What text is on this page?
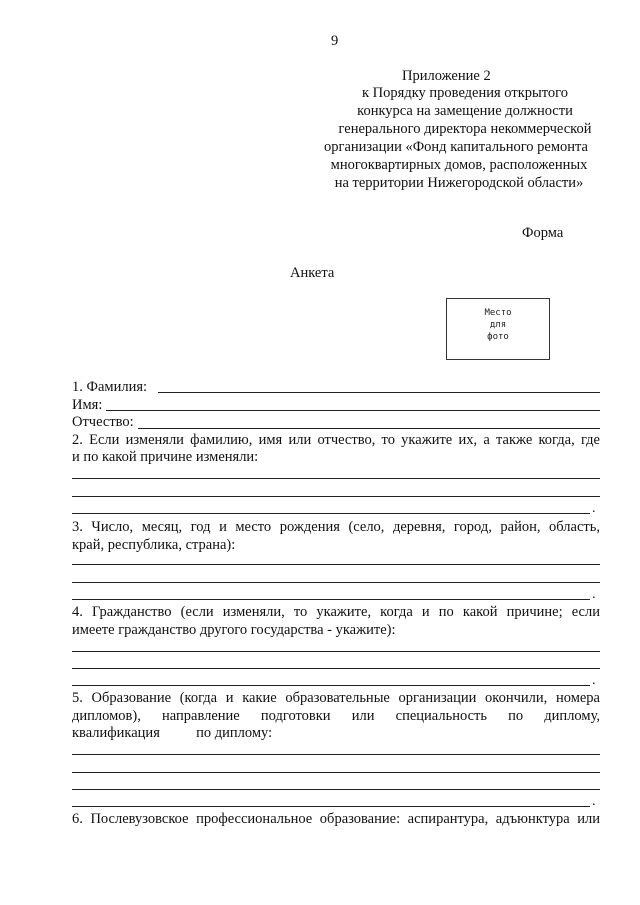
9
Приложение 2
к Порядку проведения открытого
конкурса на замещение должности
генерального директора некоммерческой
организации «Фонд капитального ремонта
многоквартирных домов, расположенных
на территории Нижегородской области»
Форма
Анкета
Место
для
фото
1. Фамилия:
Имя:
Отчество:
2. Если изменяли фамилию, имя или отчество, то укажите их, а также когда, где
и по какой причине изменяли:
.
3. Число, месяц, год и место рождения (село, деревня, город, район, область,
край, республика, страна):
.
4. Гражданство (если изменяли, то укажите, когда и по какой причине; если
имеете гражданство другого государства - укажите):
.
5. Образование (когда и какие образовательные организации окончили, номера
дипломов), направление подготовки или специальность по диплому,
квалификация          по диплому:
.
6. Послевузовское профессиональное образование: аспирантура, адъюнктура или
